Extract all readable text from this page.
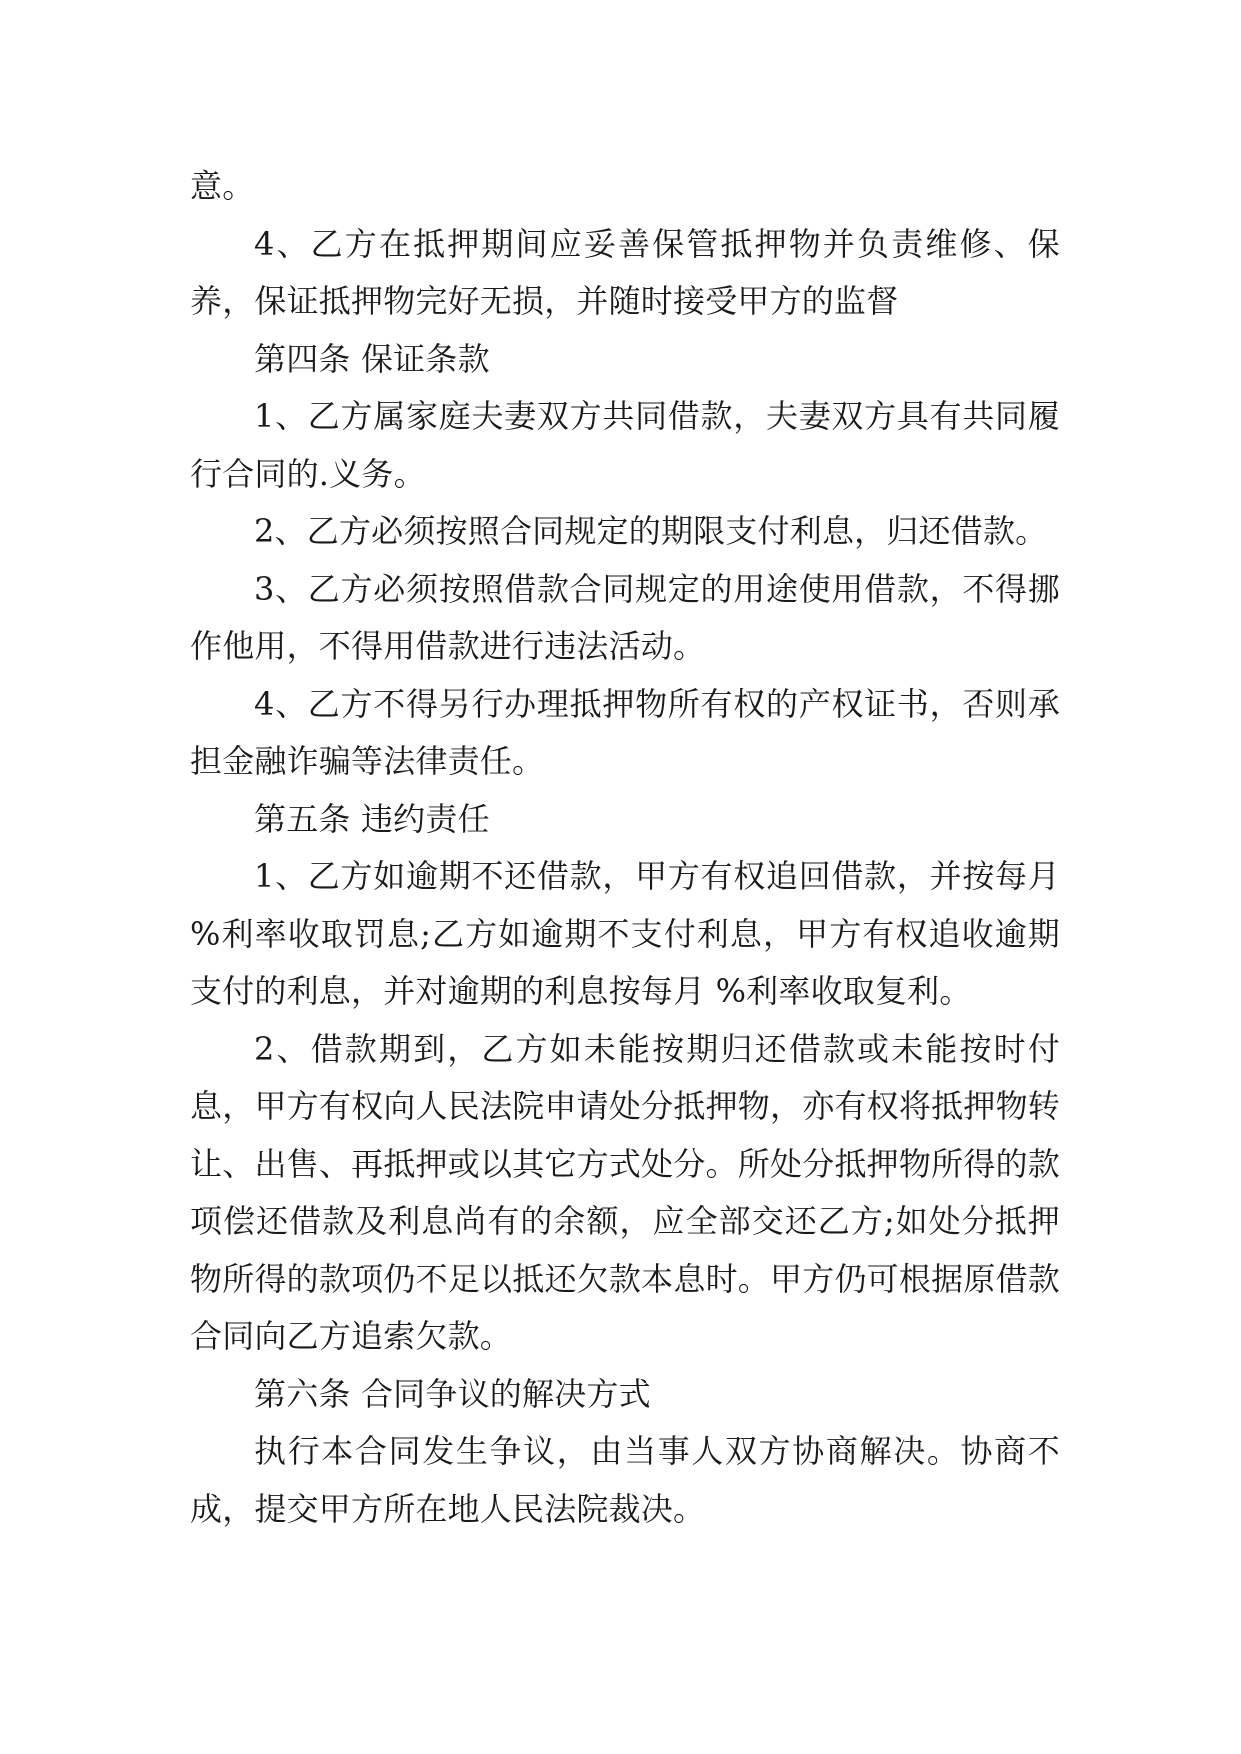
意。

4、乙方在抵押期间应妥善保管抵押物并负责维修、保养，保证抵押物完好无损，并随时接受甲方的监督

第四条 保证条款

1、乙方属家庭夫妻双方共同借款，夫妻双方具有共同履行合同的.义务。

2、乙方必须按照合同规定的期限支付利息，归还借款。

3、乙方必须按照借款合同规定的用途使用借款，不得挪作他用，不得用借款进行违法活动。

4、乙方不得另行办理抵押物所有权的产权证书，否则承担金融诈骗等法律责任。

第五条 违约责任

1、乙方如逾期不还借款，甲方有权追回借款，并按每月 %利率收取罚息;乙方如逾期不支付利息，甲方有权追收逾期支付的利息，并对逾期的利息按每月 %利率收取复利。

2、借款期到，乙方如未能按期归还借款或未能按时付息，甲方有权向人民法院申请处分抵押物，亦有权将抵押物转让、出售、再抵押或以其它方式处分。所处分抵押物所得的款项偿还借款及利息尚有的余额，应全部交还乙方;如处分抵押物所得的款项仍不足以抵还欠款本息时。甲方仍可根据原借款合同向乙方追索欠款。

第六条 合同争议的解决方式

执行本合同发生争议，由当事人双方协商解决。协商不成，提交甲方所在地人民法院裁决。
